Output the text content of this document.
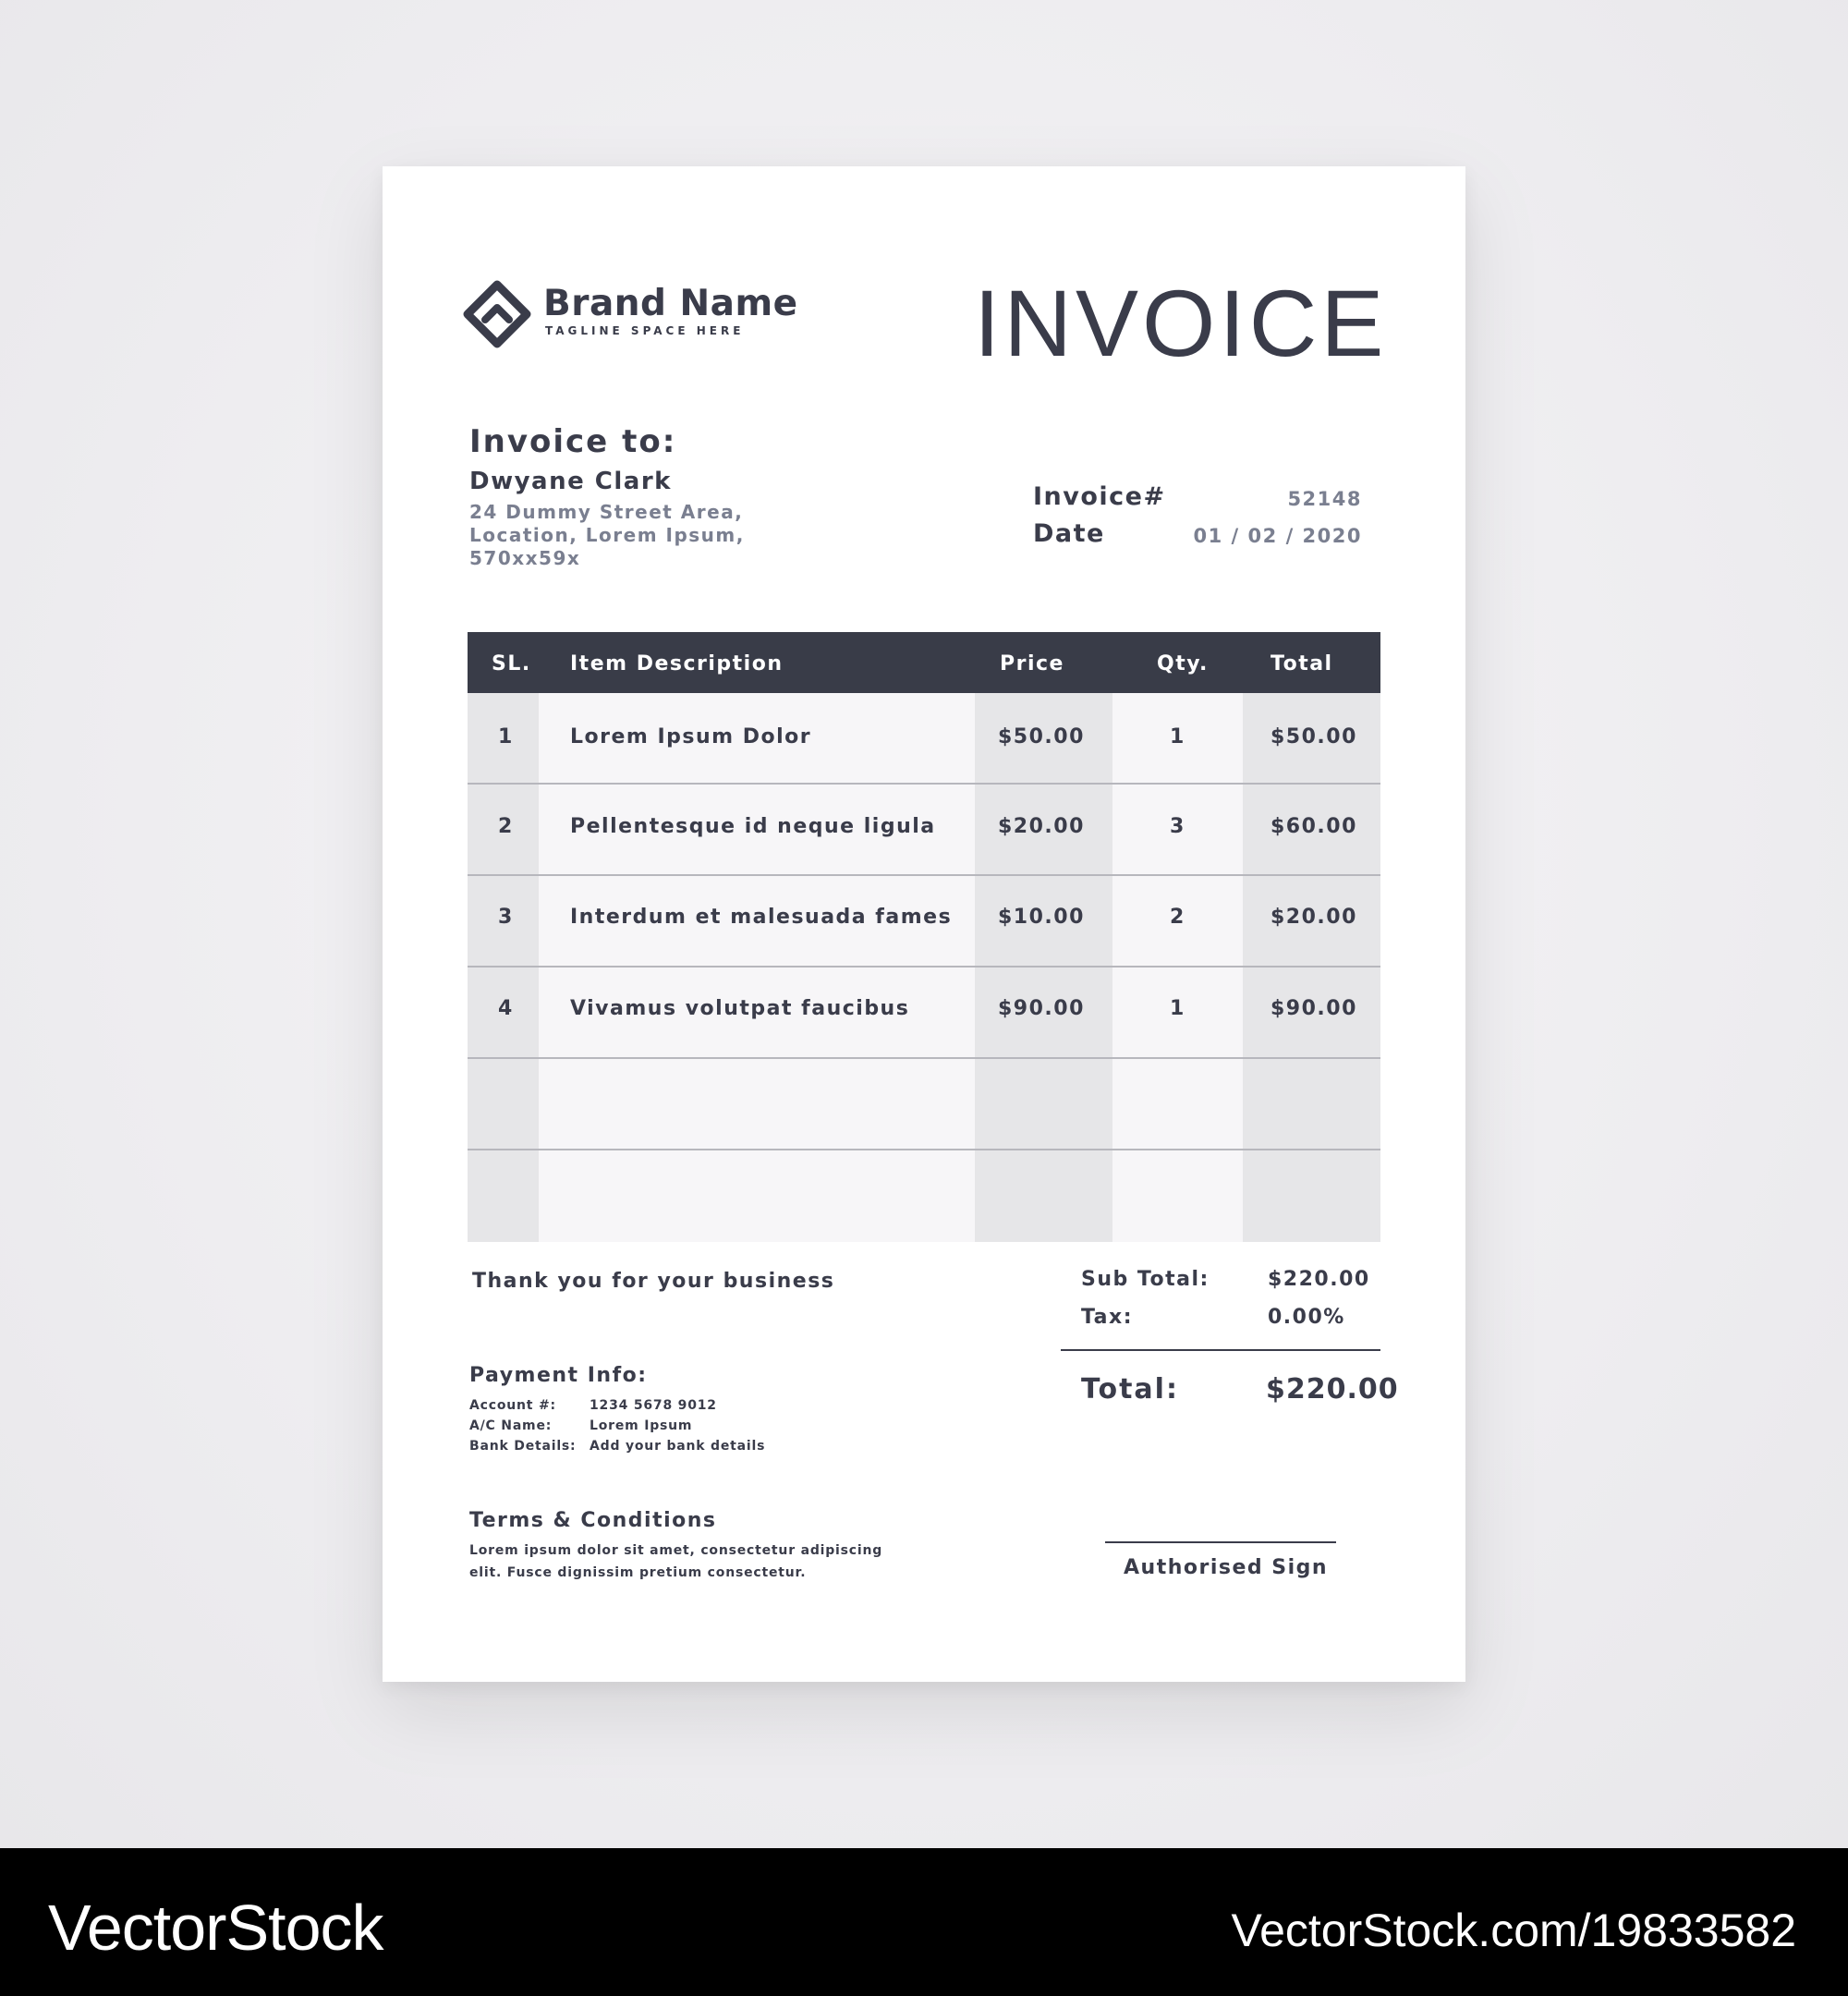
Brand Name
TAGLINE SPACE HERE INVOICE
Invoice to:
Dwyane Clark
24 Dummy Street Area,
Location, Lorem Ipsum,
570xx59x
Invoice#	52148
Date	01 / 02 / 2020
SL. Item Description	Price	Qty.	Total
1	Lorem Ipsum Dolor	$50.00	1	$50.00
2	Pellentesque id neque ligula	$20.00	3	$60.00
3	Interdum et malesuada fames $10.00	2	$20.00
4	Vivamus volutpat faucibus	$90.00	1	$90.00
Thank you for your business
Payment Info:
Account #:	1234 5678 9012
A/C Name:	Lorem Ipsum
Bank Details: Add your bank details
Terms & Conditions
Lorem ipsum dolor sit amet, consectetur adipiscing
elit. Fusce dignissim pretium consectetur.
Sub Total:	$220.00
Tax:	0.00%
Total:	$220.00
Authorised Sign
VectorStock	VectorStock.com/19833582
